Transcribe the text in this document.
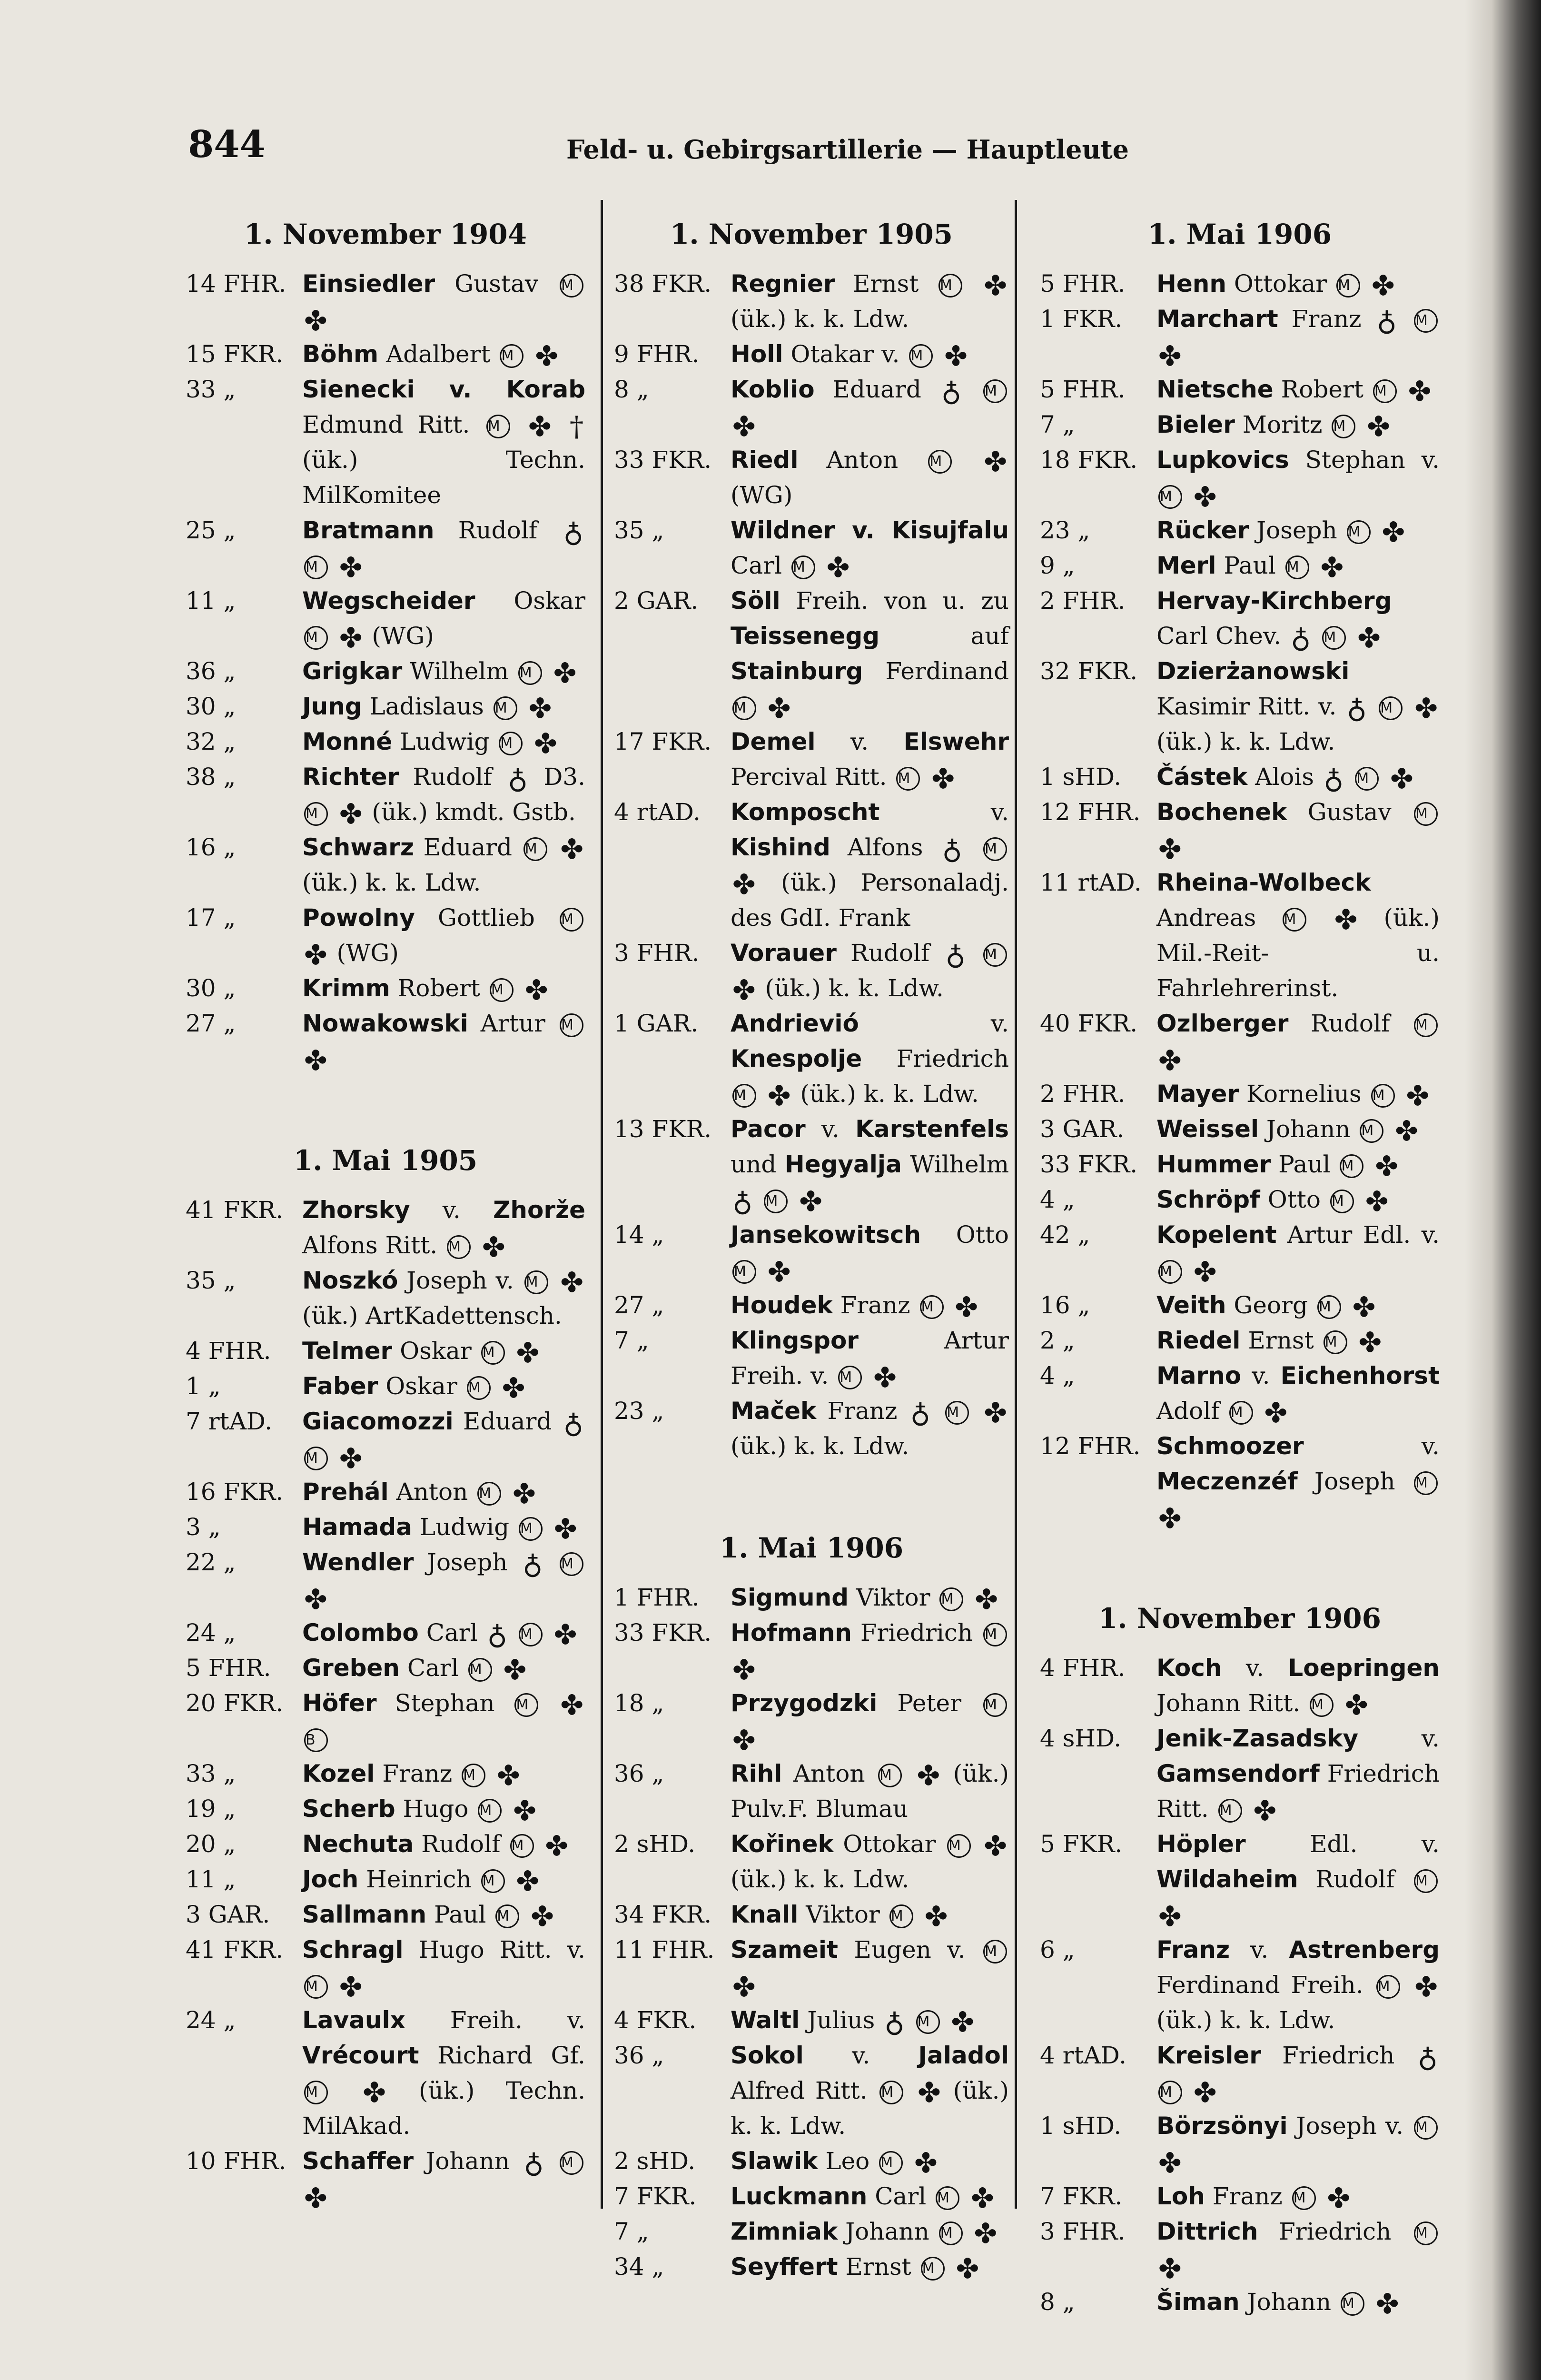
844	Feld- u. Gebirgsartillerie — Hauptleute
1. November 1904
14 FHR. Einsiedler Gustav M ✤
15 FKR. Böhm Adalbert M ✤
33 „	Sienecki v. Korab Edmund Ritt. M ✤ † (ük.) Techn. MilKomitee
25 „	Bratmann Rudolf ♁ M ✤
11 „	Wegscheider Oskar M ✤ (WG)
36 „	Grigkar Wilhelm M ✤
30 „	Jung Ladislaus M ✤
32 „	Monné Ludwig M ✤
38 „	Richter Rudolf ♁ D3. M ✤ (ük.) kmdt. Gstb.
16 „	Schwarz Eduard M ✤ (ük.) k. k. Ldw.
17 „	Powolny Gottlieb M ✤ (WG)
30 „	Krimm Robert M ✤
27 „	Nowakowski Artur M ✤
1. Mai 1905
41 FKR. Zhorsky v. Zhorže Alfons Ritt. M ✤
35 „	Noszkó Joseph v. M ✤ (ük.) ArtKadettensch.
4 FHR.	Telmer Oskar M ✤
1 „	Faber Oskar M ✤
7 rtAD.	Giacomozzi Eduard ♁ M ✤
16 FKR. Prehál Anton M ✤
3 „	Hamada Ludwig M ✤
22 „	Wendler Joseph ♁ M ✤
24 „	Colombo Carl ♁ M ✤
5 FHR.	Greben Carl M ✤
20 FKR. Höfer Stephan M ✤ B
33 „	Kozel Franz M ✤
19 „	Scherb Hugo M ✤
20 „	Nechuta Rudolf M ✤
11 „	Joch Heinrich M ✤
3 GAR.	Sallmann Paul M ✤
41 FKR. Schragl Hugo Ritt. v. M ✤
24 „	Lavaulx Freih. v. Vrécourt Richard Gf. M ✤ (ük.) Techn. MilAkad.
10 FHR. Schaffer Johann ♁ M ✤
1. November 1905
38 FKR. Regnier Ernst M ✤ (ük.) k. k. Ldw.
9 FHR.	Holl Otakar v. M ✤
8 „	Koblio Eduard ♁ M ✤
33 FKR. Riedl Anton M ✤ (WG)
35 „	Wildner v. Kisujfalu Carl M ✤
2 GAR.	Söll Freih. von u. zu Teissenegg	auf Stainburg Ferdinand M ✤
17 FKR. Demel v. Elswehr Percival Ritt. M ✤
4 rtAD.	Komposcht	v. Kishind Alfons ♁ M ✤ (ük.) Personaladj. des GdI. Frank
3 FHR.	Vorauer Rudolf ♁ M ✤ (ük.) k. k. Ldw.
1 GAR.	Andrievió	v. Knespolje Friedrich M ✤ (ük.) k. k. Ldw.
13 FKR. Pacor v. Karstenfels und Hegyalja Wilhelm ♁ M ✤
14 „	Jansekowitsch Otto M ✤
27 „	Houdek Franz M ✤
7 „	Klingspor	Artur Freih. v. M ✤
23 „	Maček Franz ♁ M ✤ (ük.) k. k. Ldw.
1. Mai 1906
1 FHR.	Sigmund Viktor M ✤
33 FKR. Hofmann Friedrich M ✤
18 „	Przygodzki Peter M ✤
36 „	Rihl Anton M ✤ (ük.) Pulv.F. Blumau
2 sHD.	Kořinek Ottokar M ✤ (ük.) k. k. Ldw.
34 FKR. Knall Viktor M ✤
11 FHR. Szameit Eugen v. M ✤
4 FKR.	Waltl Julius ♁ M ✤
36 „	Sokol v. Jaladol Alfred Ritt. M ✤ (ük.) k. k. Ldw.
2 sHD.	Slawik Leo M ✤
7 FKR.	Luckmann Carl M ✤
7 „	Zimniak Johann M ✤
34 „	Seyffert Ernst M ✤
1. Mai 1906
5 FHR.	Henn Ottokar M ✤
1 FKR.	Marchart Franz ♁ M ✤
5 FHR.	Nietsche Robert M ✤
7 „	Bieler Moritz M ✤
18 FKR. Lupkovics Stephan v. M ✤
23 „	Rücker Joseph M ✤
9 „	Merl Paul M ✤
2 FHR.	Hervay-Kirchberg Carl Chev. ♁ M ✤
32 FKR. Dzierżanowski Kasimir Ritt. v. ♁ M ✤ (ük.) k. k. Ldw.
1 sHD.	Částek Alois ♁ M ✤
12 FHR. Bochenek Gustav M ✤
11 rtAD. Rheina-Wolbeck Andreas M ✤ (ük.) Mil.-Reit- u. Fahrlehrerinst.
40 FKR. Ozlberger Rudolf M ✤
2 FHR.	Mayer Kornelius M ✤
3 GAR.	Weissel Johann M ✤
33 FKR. Hummer Paul M ✤
4 „	Schröpf Otto M ✤
42 „	Kopelent Artur Edl. v. M ✤
16 „	Veith Georg M ✤
2 „	Riedel Ernst M ✤
4 „	Marno v. Eichenhorst Adolf M ✤
12 FHR. Schmoozer	v. Meczenzéf Joseph M ✤
1. November 1906
4 FHR.	Koch v. Loepringen Johann Ritt. M ✤
4 sHD.	Jenik-Zasadsky	v. Gamsendorf Friedrich Ritt. M ✤
5 FKR.	Höpler	Edl. v. Wildaheim Rudolf M ✤
6 „	Franz v. Astrenberg Ferdinand Freih. M ✤ (ük.) k. k. Ldw.
4 rtAD.	Kreisler Friedrich ♁ M ✤
1 sHD.	Börzsönyi Joseph v. M ✤
7 FKR.	Loh Franz M ✤
3 FHR.	Dittrich Friedrich M ✤
8 „	Šiman Johann M ✤
